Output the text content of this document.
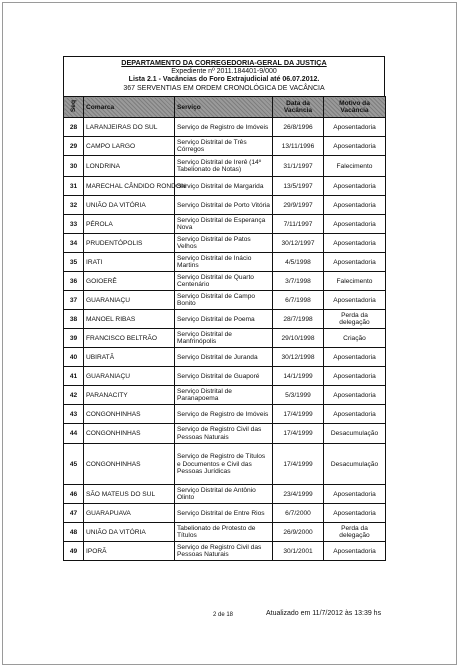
DEPARTAMENTO DA CORREGEDORIA-GERAL DA JUSTIÇA
Expediente nº 2011.184401-9/000
Lista 2.1 - Vacâncias do Foro Extrajudicial até 06.07.2012.
367 SERVENTIAS EM ORDEM CRONOLÓGICA DE VACÂNCIA
Seq	Comarca	Serviço	Data da Vacância	Motivo da Vacância
28	LARANJEIRAS DO SUL	Serviço de Registro de Imóveis	26/8/1996	Aposentadoria
29	CAMPO LARGO	Serviço Distrital de Três Córregos	13/11/1996	Aposentadoria
30	LONDRINA	Serviço Distrital de Irerê (14º Tabelionato de Notas)	31/1/1997	Falecimento
31	MARECHAL CÂNDIDO RONDON	Serviço Distrital de Margarida	13/5/1997	Aposentadoria
32	UNIÃO DA VITÓRIA	Serviço Distrital de Porto Vitória	29/9/1997	Aposentadoria
33	PÉROLA	Serviço Distrital de Esperança Nova	7/11/1997	Aposentadoria
34	PRUDENTÓPOLIS	Serviço Distrital de Patos Velhos	30/12/1997	Aposentadoria
35	IRATI	Serviço Distrital de Inácio Martins	4/5/1998	Aposentadoria
36	GOIOERÊ	Serviço Distrital de Quarto Centenário	3/7/1998	Falecimento
37	GUARANIAÇU	Serviço Distrital de Campo Bonito	6/7/1998	Aposentadoria
38	MANOEL RIBAS	Serviço Distrital de Poema	28/7/1998	Perda da delegação
39	FRANCISCO BELTRÃO	Serviço Distrital de Manfrinópolis	29/10/1998	Criação
40	UBIRATÃ	Serviço Distrital de Juranda	30/12/1998	Aposentadoria
41	GUARANIAÇU	Serviço Distrital de Guaporé	14/1/1999	Aposentadoria
42	PARANACITY	Serviço Distrital de Paranapoema	5/3/1999	Aposentadoria
43	CONGONHINHAS	Serviço de Registro de Imóveis	17/4/1999	Aposentadoria
44	CONGONHINHAS	Serviço de Registro Civil das Pessoas Naturais	17/4/1999	Desacumulação
45	CONGONHINHAS	Serviço de Registro de Títulos e Documentos e Civil das Pessoas Jurídicas	17/4/1999	Desacumulação
46	SÃO MATEUS DO SUL	Serviço Distrital de Antônio Olinto	23/4/1999	Aposentadoria
47	GUARAPUAVA	Serviço Distrital de Entre Rios	6/7/2000	Aposentadoria
48	UNIÃO DA VITÓRIA	Tabelionato de Protesto de Títulos	26/9/2000	Perda da delegação
49	IPORÃ	Serviço de Registro Civil das Pessoas Naturais	30/1/2001	Aposentadoria
2 de 18	Atualizado em 11/7/2012 às 13:39 hs
